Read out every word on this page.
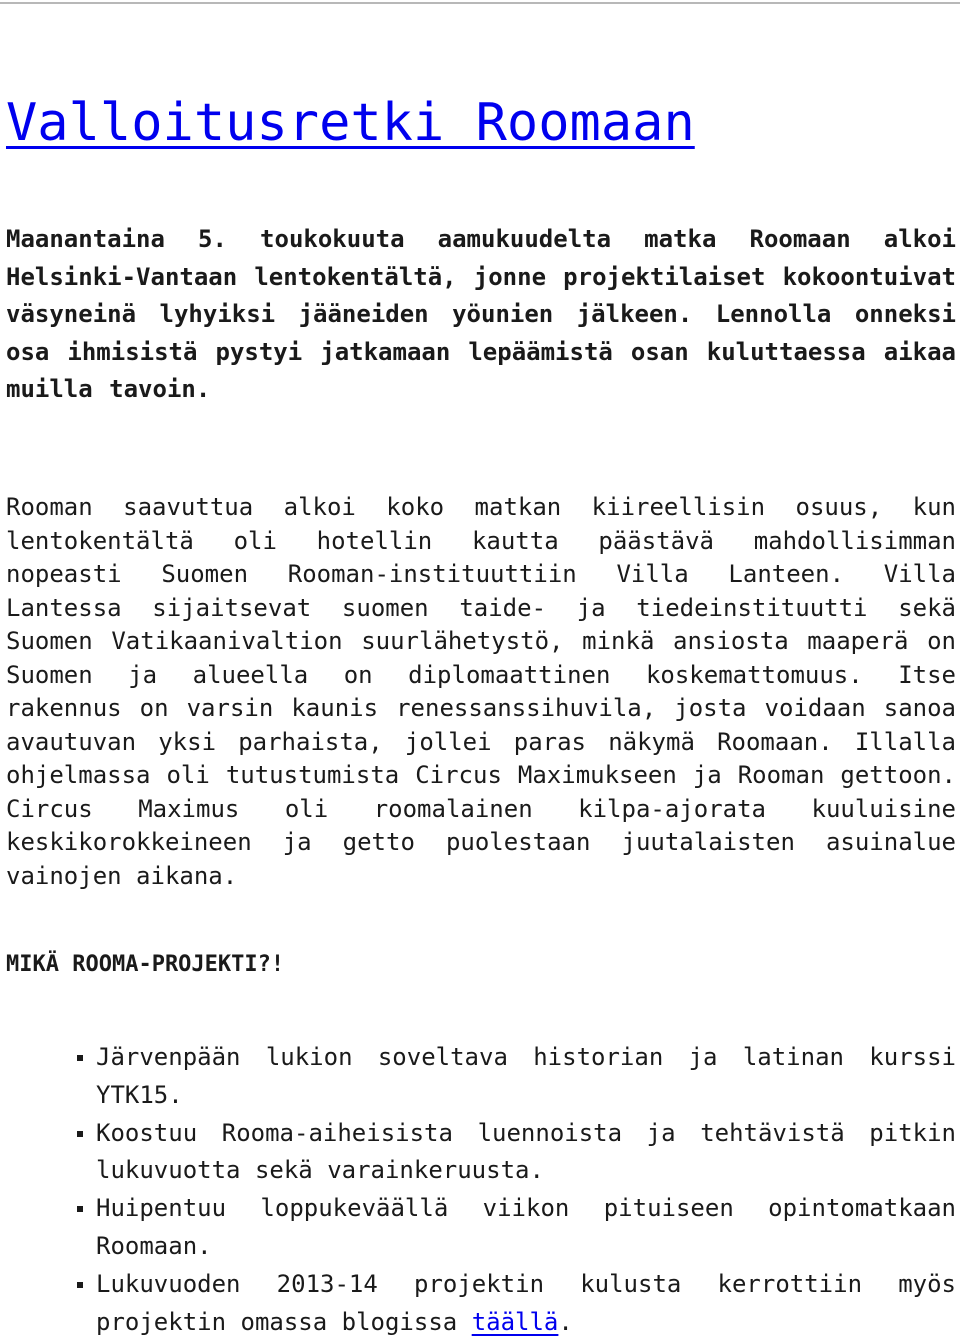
Valloitusretki Roomaan

Maanantaina 5. toukokuuta aamukuudelta matka Roomaan alkoi Helsinki-Vantaan lentokentältä, jonne projektilaiset kokoontuivat väsyneinä lyhyiksi jääneiden yöunien jälkeen. Lennolla onneksi osa ihmisistä pystyi jatkamaan lepäämistä osan kuluttaessa aikaa muilla tavoin.

Rooman saavuttua alkoi koko matkan kiireellisin osuus, kun lentokentältä oli hotellin kautta päästävä mahdollisimman nopeasti Suomen Rooman-instituuttiin Villa Lanteen. Villa Lantessa sijaitsevat suomen taide- ja tiedeinstituutti sekä Suomen Vatikaanivaltion suurlähetystö, minkä ansiosta maaperä on Suomen ja alueella on diplomaattinen koskemattomuus. Itse rakennus on varsin kaunis renessanssihuvila, josta voidaan sanoa avautuvan yksi parhaista, jollei paras näkymä Roomaan. Illalla ohjelmassa oli tutustumista Circus Maximukseen ja Rooman gettoon. Circus Maximus oli roomalainen kilpa-ajorata kuuluisine keskikorokkeineen ja getto puolestaan juutalaisten asuinalue vainojen aikana.

MIKÄ ROOMA-PROJEKTI?!
Järvenpään lukion soveltava historian ja latinan kurssi YTK15.
Koostuu Rooma-aiheisista luennoista ja tehtävistä pitkin lukuvuotta sekä varainkeruusta.
Huipentuu loppukeväällä viikon pituiseen opintomatkaan Roomaan.
Lukuvuoden 2013-14 projektin kulusta kerrottiin myös projektin omassa blogissa täällä.
